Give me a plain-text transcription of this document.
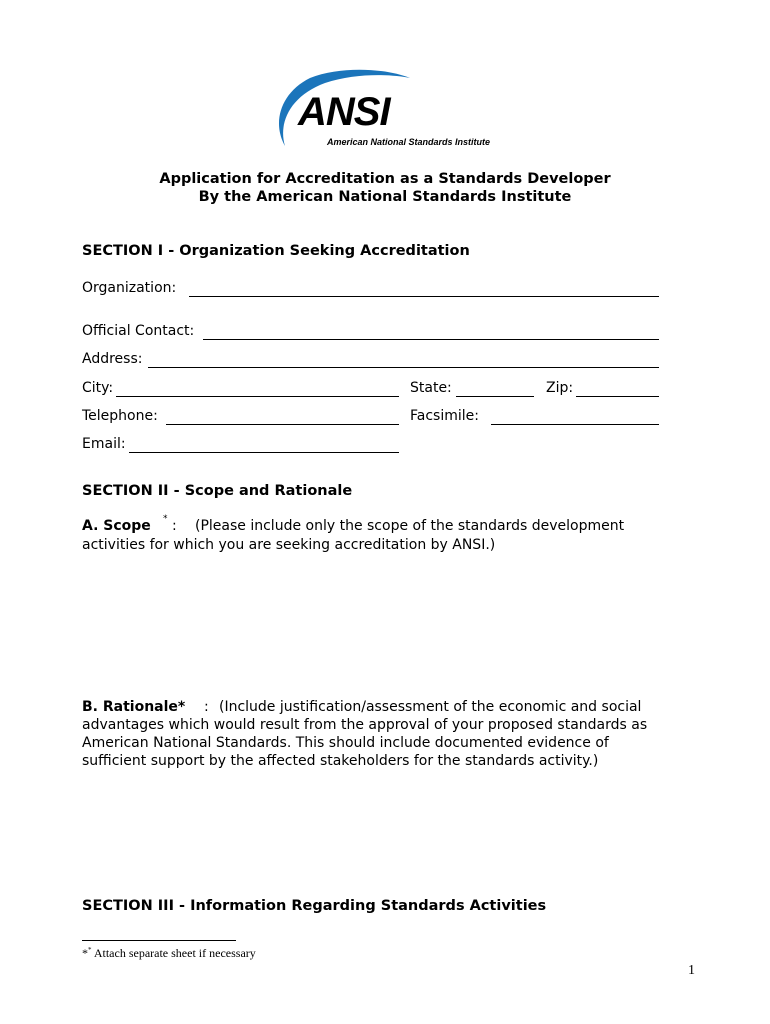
ANSI
American National Standards Institute
Application for Accreditation as a Standards Developer
By the American National Standards Institute
SECTION I - Organization Seeking Accreditation
Organization:
Official Contact:
Address:
City:	State:	Zip:
Telephone:	Facsimile:
Email:
SECTION II - Scope and Rationale
A. Scope * : (Please include only the scope of the standards development
activities for which you are seeking accreditation by ANSI.)
B. Rationale* : (Include justification/assessment of the economic and social
advantages which would result from the approval of your proposed standards as
American National Standards. This should include documented evidence of
sufficient support by the affected stakeholders for the standards activity.)
SECTION III - Information Regarding Standards Activities
** Attach separate sheet if necessary
1
